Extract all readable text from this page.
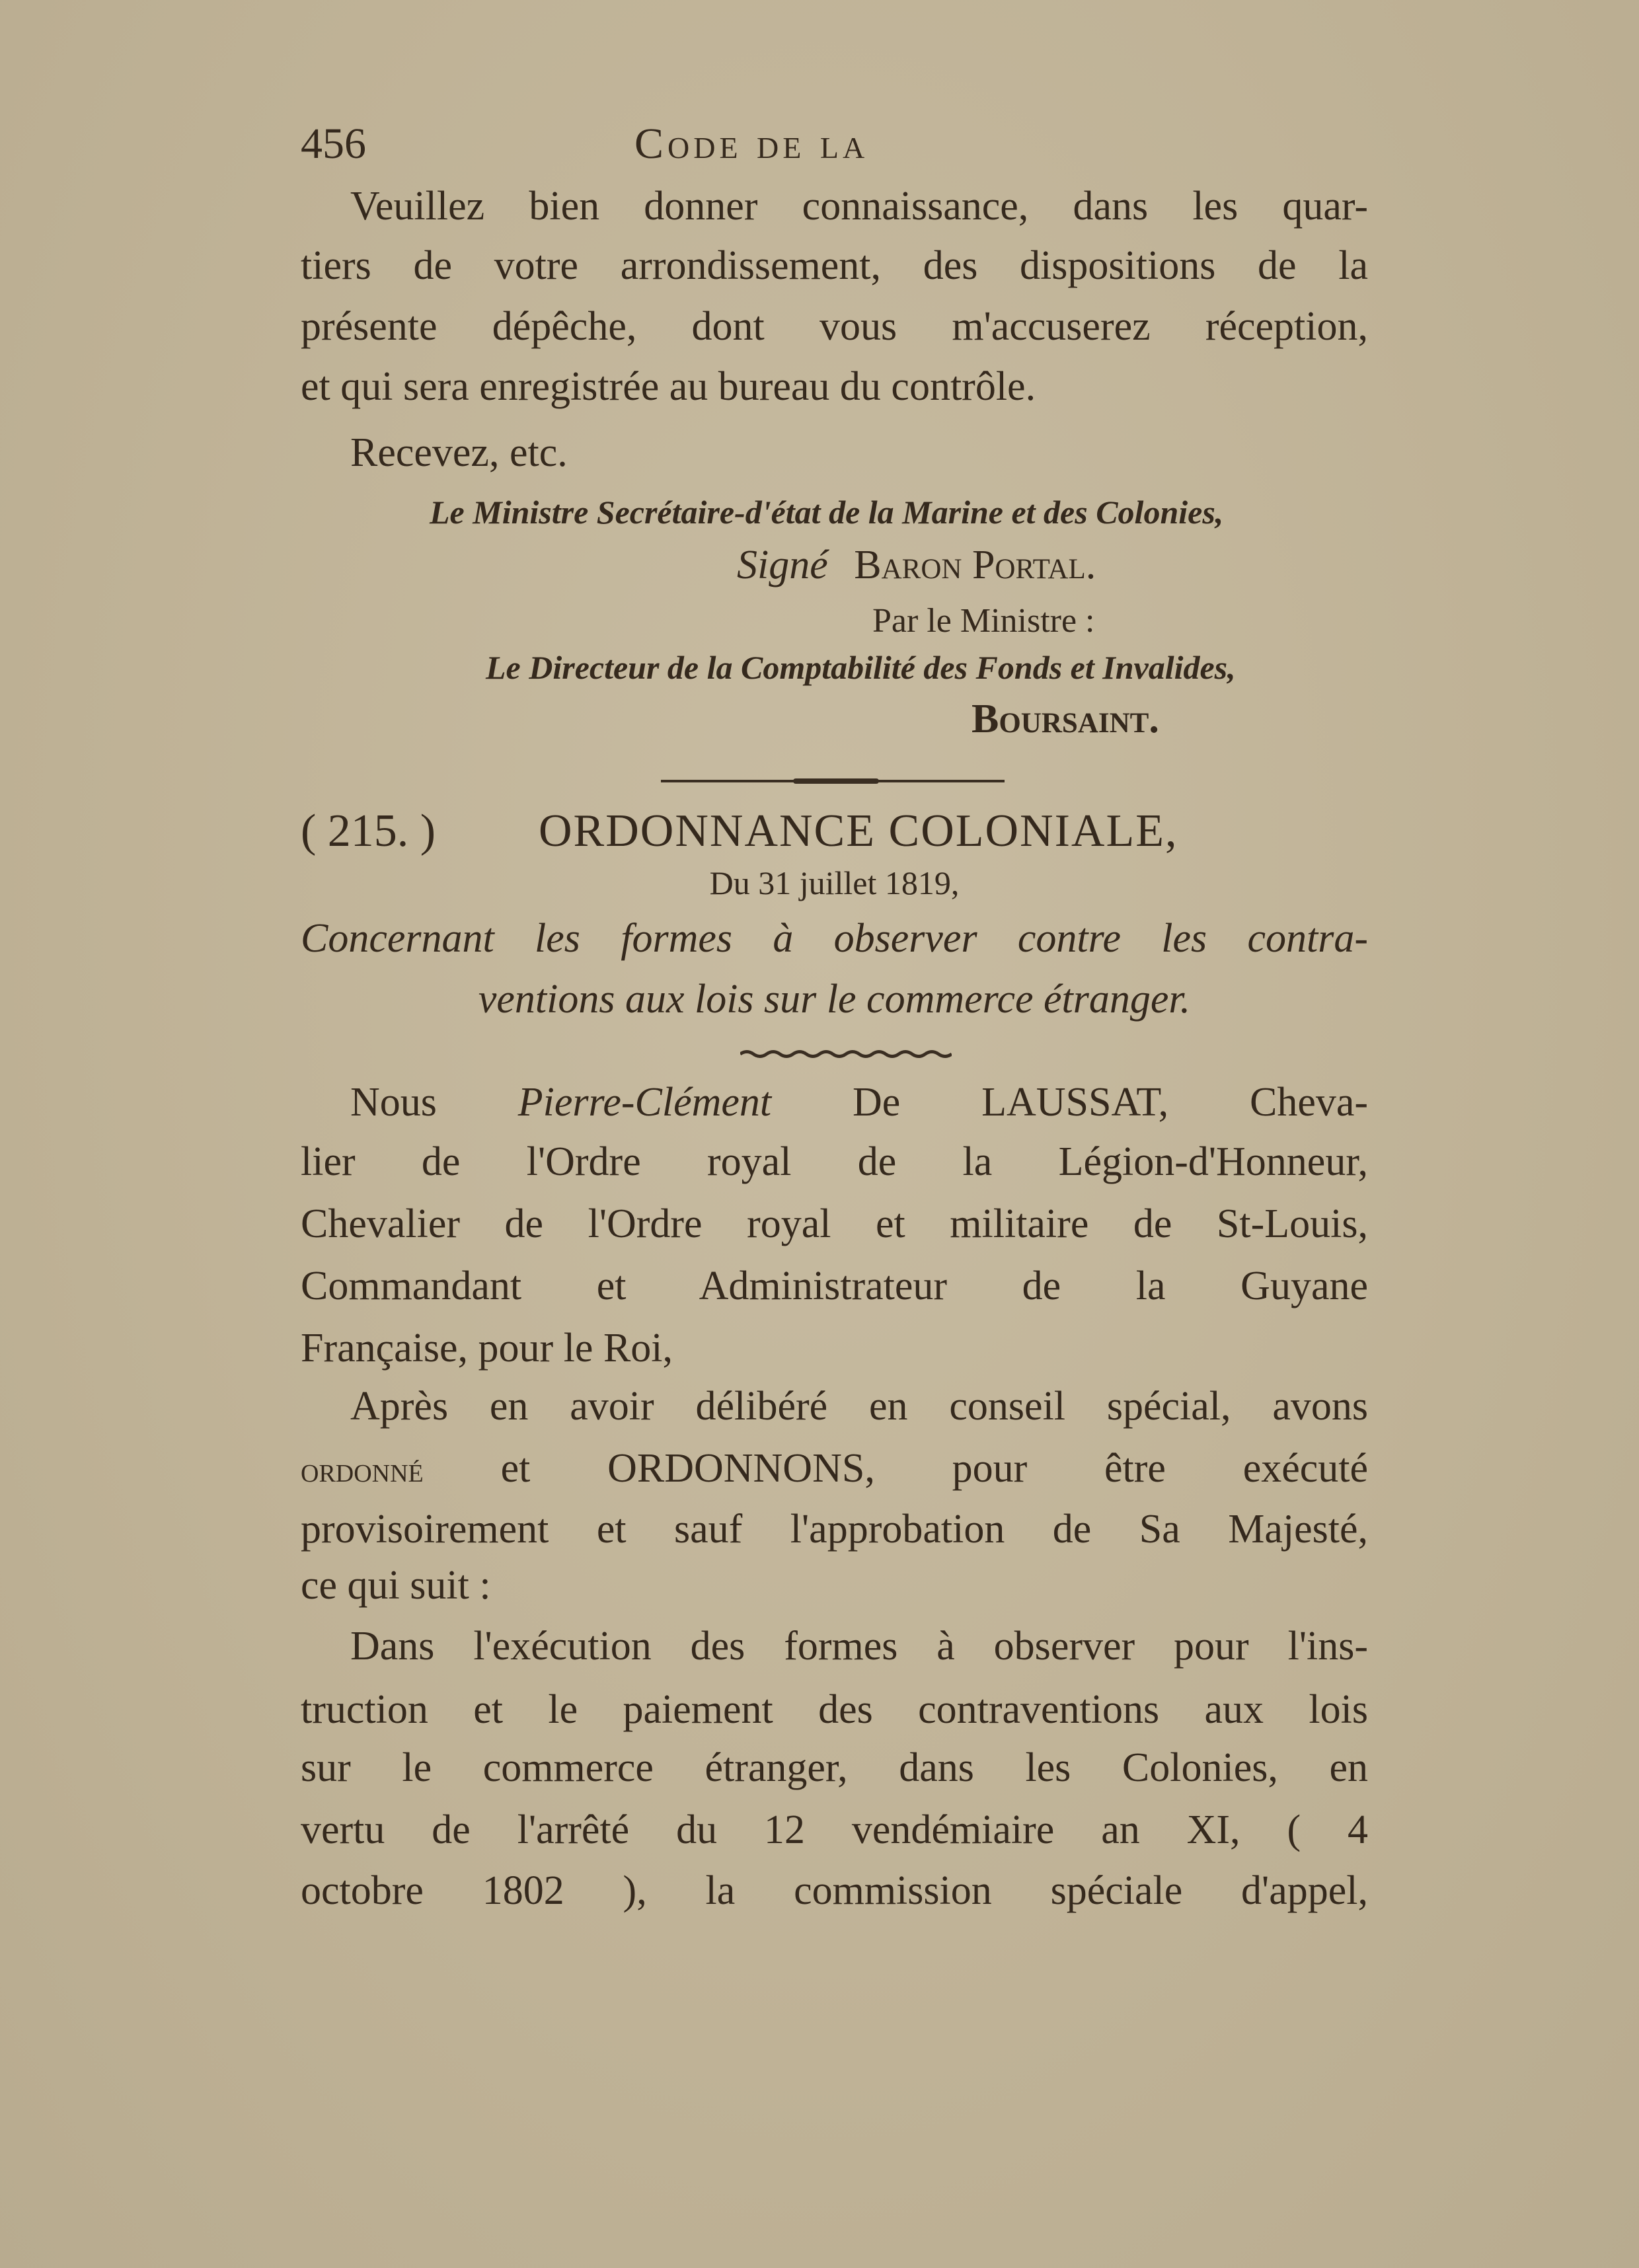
456	Code de la
Veuillez bien donner connaissance, dans les quar-
tiers de votre arrondissement, des dispositions de la
présente dépêche, dont vous m'accuserez réception,
et qui sera enregistrée au bureau du contrôle.
Recevez, etc.
Le Ministre Secrétaire-d'état de la Marine et des Colonies,
Signé Baron Portal.
Par le Ministre :
Le Directeur de la Comptabilité des Fonds et Invalides,
Boursaint.
( 215. ) ORDONNANCE COLONIALE,
Du 31 juillet 1819,
Concernant les formes à observer contre les contra-
ventions aux lois sur le commerce étranger.
Nous Pierre-Clément De LAUSSAT, Cheva-
lier de l'Ordre royal de la Légion-d'Honneur,
Chevalier de l'Ordre royal et militaire de St-Louis,
Commandant et Administrateur de la Guyane
Française, pour le Roi,
Après en avoir délibéré en conseil spécial, avons
ordonné et ORDONNONS, pour être exécuté
provisoirement et sauf l'approbation de Sa Majesté,
ce qui suit :
Dans l'exécution des formes à observer pour l'ins-
truction et le paiement des contraventions aux lois
sur le commerce étranger, dans les Colonies, en
vertu de l'arrêté du 12 vendémiaire an XI, ( 4
octobre 1802 ), la commission spéciale d'appel,
